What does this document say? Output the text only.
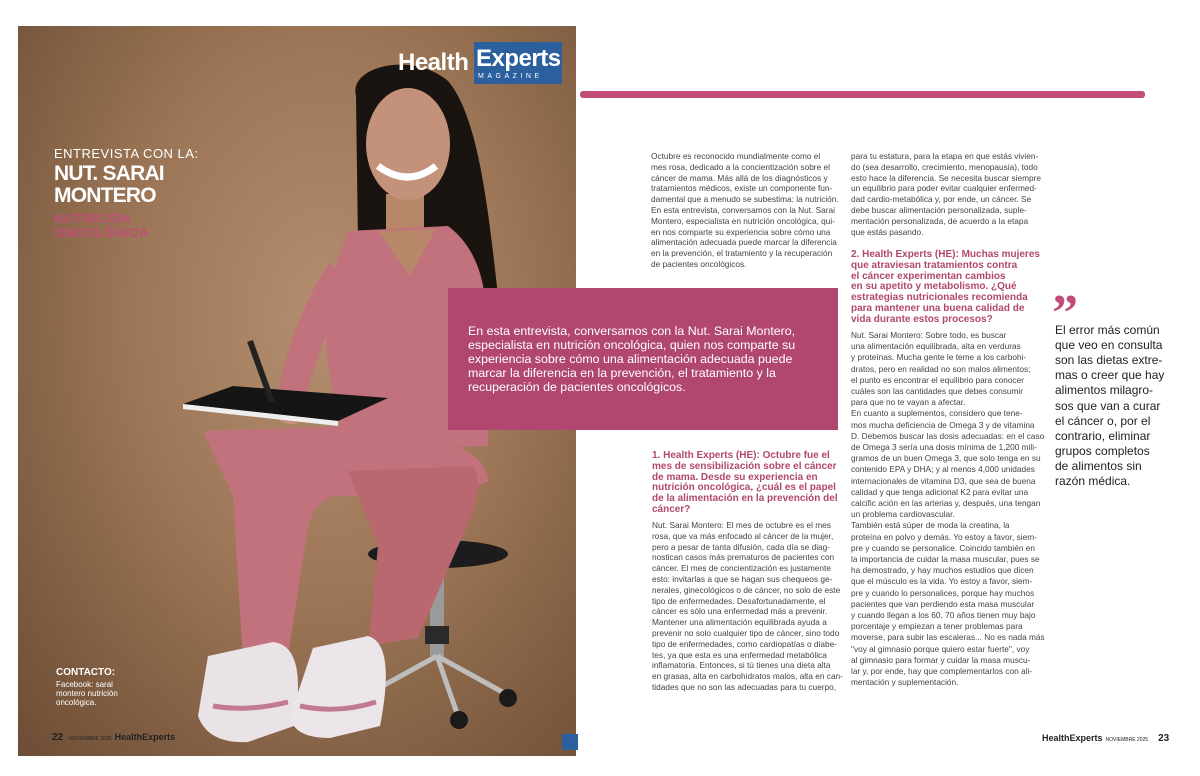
Health Experts
MAGAZINE
ENTREVISTA CON LA:
NUT. SARAI
MONTERO
NUTRICIÓN
ONCOLÓGICA
CONTACTO:
Facebook: sarai
montero nutrición
oncológica.
22 NOVIEMBRE 2025 HealthExperts
Octubre es reconocido mundialmente como el
mes rosa, dedicado a la concientización sobre el
cáncer de mama. Más allá de los diagnósticos y
tratamientos médicos, existe un componente fun-
damental que a menudo se subestima: la nutrición.
En esta entrevista, conversamos con la Nut. Sarai
Montero, especialista en nutrición oncológica, qui-
en nos comparte su experiencia sobre cómo una
alimentación adecuada puede marcar la diferencia
en la prevención, el tratamiento y la recuperación
de pacientes oncológicos.
1. Health Experts (HE): Octubre fue el
mes de sensibilización sobre el cáncer
de mama. Desde su experiencia en
nutrición oncológica, ¿cuál es el papel
de la alimentación en la prevención del
cáncer?
Nut. Sarai Montero: El mes de octubre es el mes
rosa, que va más enfocado al cáncer de la mujer,
pero a pesar de tanta difusión, cada día se diag-
nostican casos más prematuros de pacientes con
cáncer. El mes de concientización es justamente
esto: invitarlas a que se hagan sus chequeos ge-
nerales, ginecológicos o de cáncer, no solo de este
tipo de enfermedades. Desafortunadamente, el
cáncer es sólo una enfermedad más a prevenir.
Mantener una alimentación equilibrada ayuda a
prevenir no solo cualquier tipo de cáncer, sino todo
tipo de enfermedades, como cardiopatías o diabe-
tes, ya que esta es una enfermedad metabólica
inflamatoria. Entonces, si tú tienes una dieta alta
en grasas, alta en carbohidratos malos, alta en can-
tidades que no son las adecuadas para tu cuerpo,
para tu estatura, para la etapa en que estás vivien-
do (sea desarrollo, crecimiento, menopausia), todo
esto hace la diferencia. Se necesita buscar siempre
un equilibrio para poder evitar cualquier enfermed-
dad cardio-metabólica y, por ende, un cáncer. Se
debe buscar alimentación personalizada, suple-
mentación personalizada, de acuerdo a la etapa
que estás pasando.
2. Health Experts (HE): Muchas mujeres
que atraviesan tratamientos contra
el cáncer experimentan cambios
en su apetito y metabolismo. ¿Qué
estrategias nutricionales recomienda
para mantener una buena calidad de
vida durante estos procesos?
Nut. Sarai Montero: Sobre todo, es buscar
una alimentación equilibrada, alta en verduras
y proteínas. Mucha gente le teme a los carbohi-
dratos, pero en realidad no son malos alimentos;
el punto es encontrar el equilibrio para conocer
cuáles son las cantidades que debes consumir
para que no te vayan a afectar.
En cuanto a suplementos, considero que tene-
mos mucha deficiencia de Omega 3 y de vitamina
D. Debemos buscar las dosis adecuadas: en el caso
de Omega 3 sería una dosis mínima de 1,200 mili-
gramos de un buen Omega 3, que solo tenga en su
contenido EPA y DHA; y al menos 4,000 unidades
internacionales de vitamina D3, que sea de buena
calidad y que tenga adicional K2 para evitar una
calcific ación en las arterias y, después, una tengan
un problema cardiovascular.
También está súper de moda la creatina, la
proteína en polvo y demás. Yo estoy a favor, siem-
pre y cuando se personalice. Coincido también en
la importancia de cuidar la masa muscular, pues se
ha demostrado, y hay muchos estudios que dicen
que el músculo es la vida. Yo estoy a favor, siem-
pre y cuando lo personalices, porque hay muchos
pacientes que van perdiendo esta masa muscular
y cuando llegan a los 60, 70 años tienen muy bajo
porcentaje y empiezan a tener problemas para
moverse, para subir las escaleras... No es nada más
"voy al gimnasio porque quiero estar fuerte", voy
al gimnasio para formar y cuidar la masa muscu-
lar y, por ende, hay que complementarlos con ali-
mentación y suplementación.
En esta entrevista, conversamos con la Nut. Sarai Montero,
especialista en nutrición oncológica, quien nos comparte su
experiencia sobre cómo una alimentación adecuada puede
marcar la diferencia en la prevención, el tratamiento y la
recuperación de pacientes oncológicos.
”
El error más común
que veo en consulta
son las dietas extre-
mas o creer que hay
alimentos milagro-
sos que van a curar
el cáncer o, por el
contrario, eliminar
grupos completos
de alimentos sin
razón médica.
HealthExperts NOVIEMBRE 2025 23
